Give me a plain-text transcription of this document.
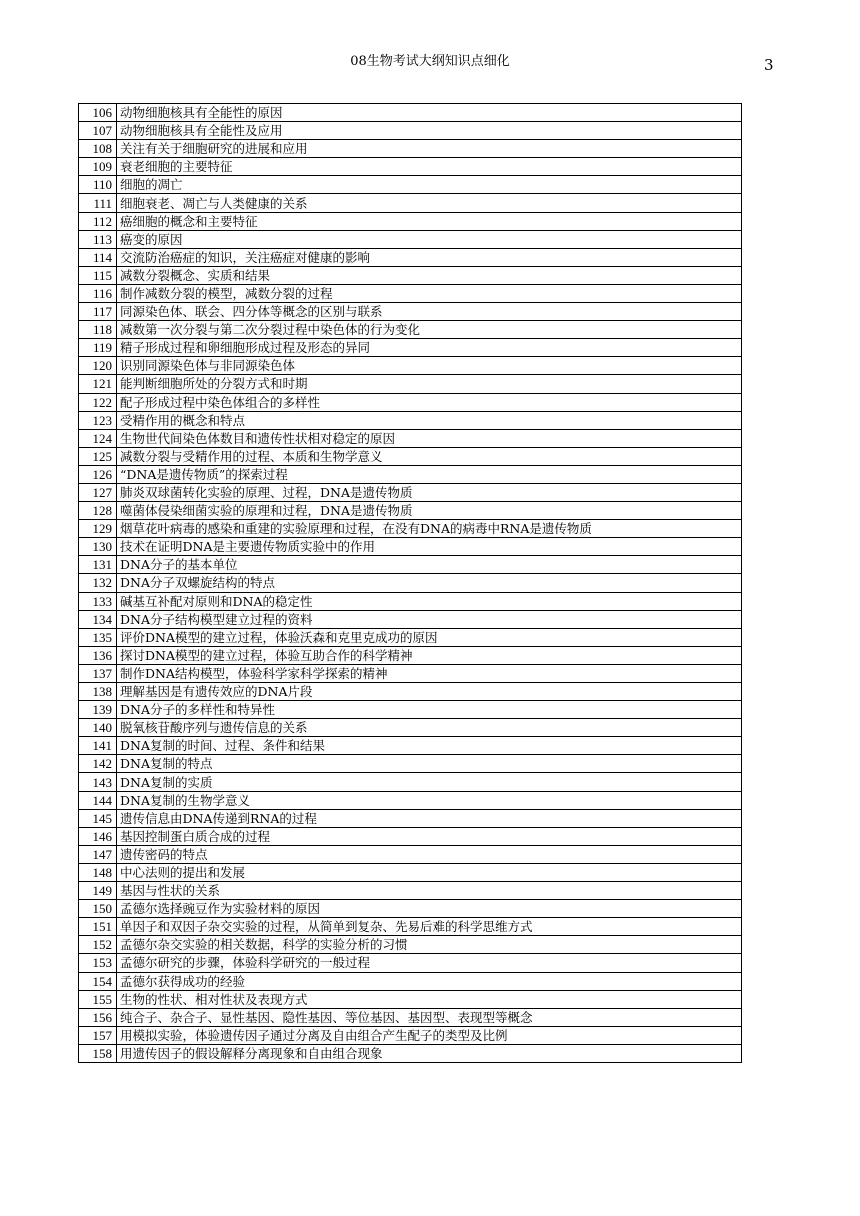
08生物考试大纲知识点细化	3
106	动物细胞核具有全能性的原因
107	动物细胞核具有全能性及应用
108	关注有关于细胞研究的进展和应用
109	衰老细胞的主要特征
110	细胞的凋亡
111	细胞衰老、凋亡与人类健康的关系
112	癌细胞的概念和主要特征
113	癌变的原因
114	交流防治癌症的知识，关注癌症对健康的影响
115	减数分裂概念、实质和结果
116	制作减数分裂的模型，减数分裂的过程
117	同源染色体、联会、四分体等概念的区别与联系
118	减数第一次分裂与第二次分裂过程中染色体的行为变化
119	精子形成过程和卵细胞形成过程及形态的异同
120	识别同源染色体与非同源染色体
121	能判断细胞所处的分裂方式和时期
122	配子形成过程中染色体组合的多样性
123	受精作用的概念和特点
124	生物世代间染色体数目和遗传性状相对稳定的原因
125	减数分裂与受精作用的过程、本质和生物学意义
126	“DNA是遗传物质”的探索过程
127	肺炎双球菌转化实验的原理、过程，DNA是遗传物质
128	噬菌体侵染细菌实验的原理和过程，DNA是遗传物质
129	烟草花叶病毒的感染和重建的实验原理和过程，在没有DNA的病毒中RNA是遗传物质
130	技术在证明DNA是主要遗传物质实验中的作用
131	DNA分子的基本单位
132	DNA分子双螺旋结构的特点
133	碱基互补配对原则和DNA的稳定性
134	DNA分子结构模型建立过程的资料
135	评价DNA模型的建立过程，体验沃森和克里克成功的原因
136	探讨DNA模型的建立过程，体验互助合作的科学精神
137	制作DNA结构模型，体验科学家科学探索的精神
138	理解基因是有遗传效应的DNA片段
139	DNA分子的多样性和特异性
140	脱氧核苷酸序列与遗传信息的关系
141	DNA复制的时间、过程、条件和结果
142	DNA复制的特点
143	DNA复制的实质
144	DNA复制的生物学意义
145	遗传信息由DNA传递到RNA的过程
146	基因控制蛋白质合成的过程
147	遗传密码的特点
148	中心法则的提出和发展
149	基因与性状的关系
150	孟德尔选择豌豆作为实验材料的原因
151	单因子和双因子杂交实验的过程，从简单到复杂、先易后难的科学思维方式
152	孟德尔杂交实验的相关数据，科学的实验分析的习惯
153	孟德尔研究的步骤，体验科学研究的一般过程
154	孟德尔获得成功的经验
155	生物的性状、相对性状及表现方式
156	纯合子、杂合子、显性基因、隐性基因、等位基因、基因型、表现型等概念
157	用模拟实验，体验遗传因子通过分离及自由组合产生配子的类型及比例
158	用遗传因子的假设解释分离现象和自由组合现象
